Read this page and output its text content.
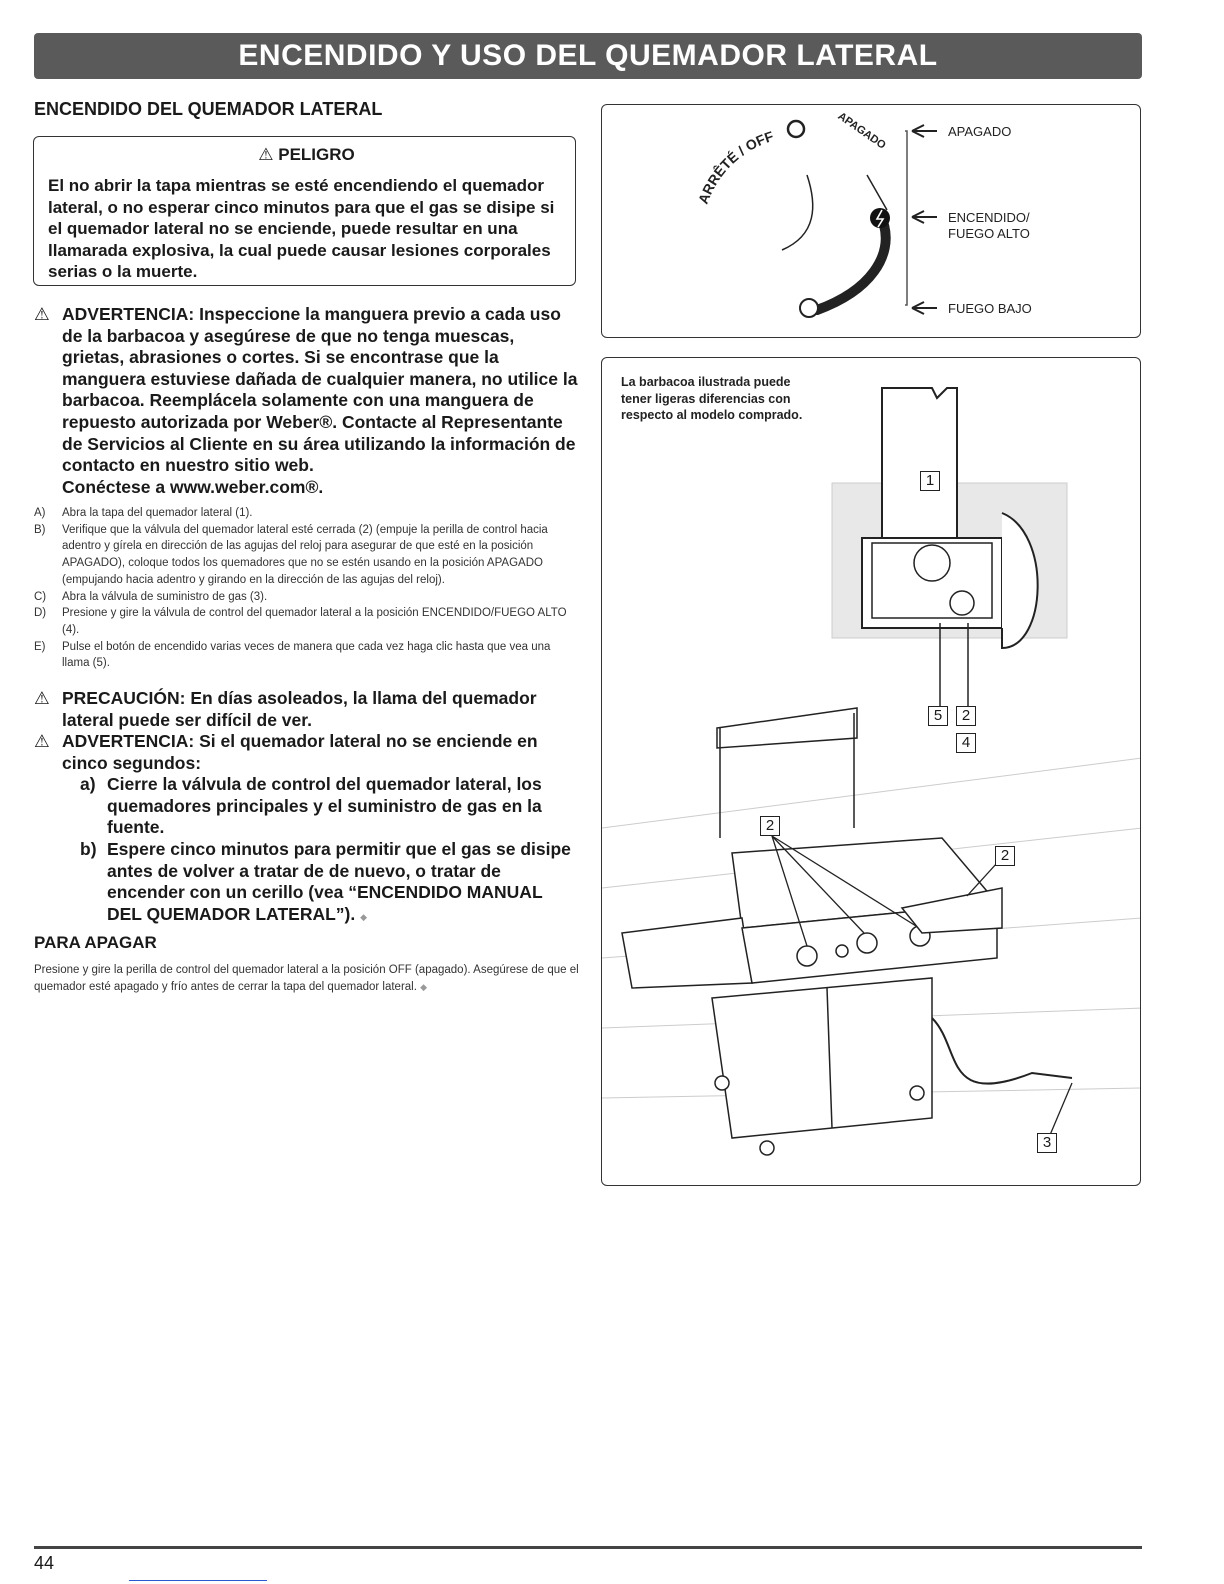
ENCENDIDO Y USO DEL QUEMADOR LATERAL
ENCENDIDO DEL QUEMADOR LATERAL
⚠ PELIGRO
El no abrir la tapa mientras se esté encendiendo el quemador lateral, o no esperar cinco minutos para que el gas se disipe si el quemador lateral no se enciende, puede resultar en una llamarada explosiva, la cual puede causar lesiones corporales serias o la muerte.
⚠ ADVERTENCIA: Inspeccione la manguera previo a cada uso de la barbacoa y asegúrese de que no tenga muescas, grietas, abrasiones o cortes. Si se encontrase que la manguera estuviese dañada de cualquier manera, no utilice la barbacoa. Reemplácela solamente con una manguera de repuesto autorizada por Weber®. Contacte al Representante de Servicios al Cliente en su área utilizando la información de contacto en nuestro sitio web.
Conéctese a www.weber.com®.
A) Abra la tapa del quemador lateral (1).
B) Verifique que la válvula del quemador lateral esté cerrada (2) (empuje la perilla de control hacia adentro y gírela en dirección de las agujas del reloj para asegurar de que esté en la posición APAGADO), coloque todos los quemadores que no se estén usando en la posición APAGADO (empujando hacia adentro y girando en la dirección de las agujas del reloj).
C) Abra la válvula de suministro de gas (3).
D) Presione y gire la válvula de control del quemador lateral a la posición ENCENDIDO/FUEGO ALTO (4).
E) Pulse el botón de encendido varias veces de manera que cada vez haga clic hasta que vea una llama (5).
⚠ PRECAUCIÓN: En días asoleados, la llama del quemador lateral puede ser difícil de ver.
⚠ ADVERTENCIA: Si el quemador lateral no se enciende en cinco segundos:
a) Cierre la válvula de control del quemador lateral, los quemadores principales y el suministro de gas en la fuente.
b) Espere cinco minutos para permitir que el gas se disipe antes de volver a tratar de de nuevo, o tratar de encender con un cerillo (vea “ENCENDIDO MANUAL DEL QUEMADOR LATERAL”). ◆
PARA APAGAR
Presione y gire la perilla de control del quemador lateral a la posición OFF (apagado). Asegúrese de que el quemador esté apagado y frío antes de cerrar la tapa del quemador lateral. ◆
ARRÊTÉ / OFF	APAGADO
ENCENDIDO/
FUEGO ALTO
FUEGO BAJO
APAGADO
La barbacoa ilustrada puede tener ligeras diferencias con respecto al modelo comprado.
1
5	2
4
2
2
3
44
